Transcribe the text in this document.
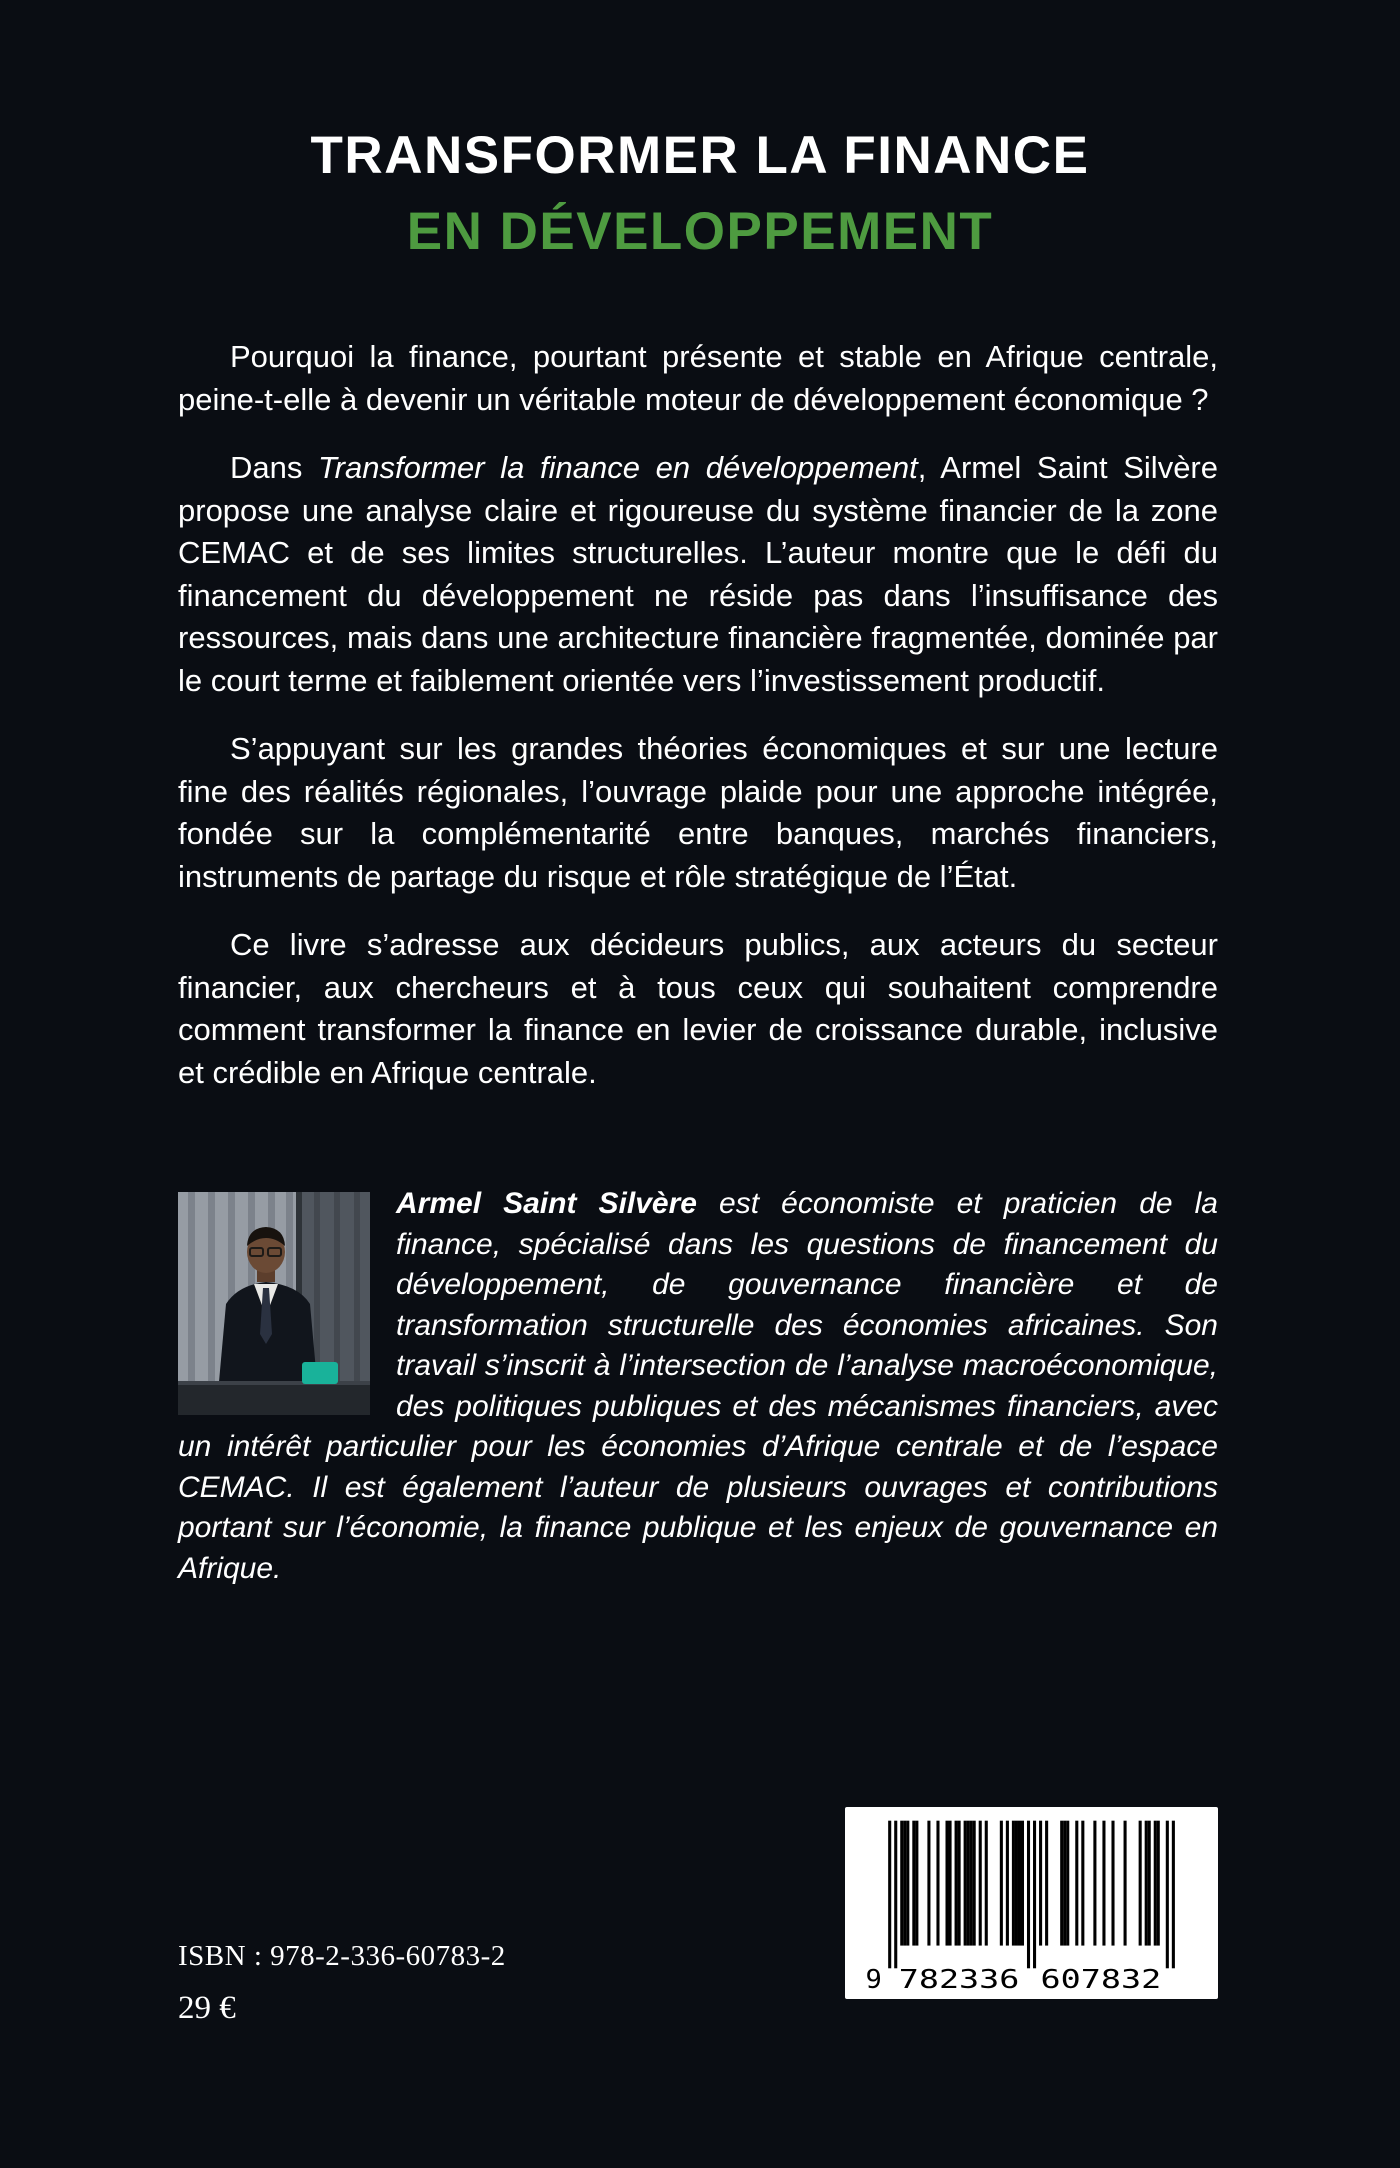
TRANSFORMER LA FINANCE
EN DÉVELOPPEMENT

Pourquoi la finance, pourtant présente et stable en Afrique centrale, peine-t-elle à devenir un véritable moteur de développement économique ?

Dans Transformer la finance en développement, Armel Saint Silvère propose une analyse claire et rigoureuse du système financier de la zone CEMAC et de ses limites structurelles. L’auteur montre que le défi du financement du développement ne réside pas dans l’insuffisance des ressources, mais dans une architecture financière fragmentée, dominée par le court terme et faiblement orientée vers l’investissement productif.

S’appuyant sur les grandes théories économiques et sur une lecture fine des réalités régionales, l’ouvrage plaide pour une approche intégrée, fondée sur la complémentarité entre banques, marchés financiers, instruments de partage du risque et rôle stratégique de l’État.

Ce livre s’adresse aux décideurs publics, aux acteurs du secteur financier, aux chercheurs et à tous ceux qui souhaitent comprendre comment transformer la finance en levier de croissance durable, inclusive et crédible en Afrique centrale.

Armel Saint Silvère est économiste et praticien de la finance, spécialisé dans les questions de financement du développement, de gouvernance financière et de transformation structurelle des économies africaines. Son travail s’inscrit à l’intersection de l’analyse macroéconomique, des politiques publiques et des mécanismes financiers, avec un intérêt particulier pour les économies d’Afrique centrale et de l’espace CEMAC. Il est également l’auteur de plusieurs ouvrages et contributions portant sur l’économie, la finance publique et les enjeux de gouvernance en Afrique.
ISBN : 978-2-336-60783-2
29 €
9 782336 607832
